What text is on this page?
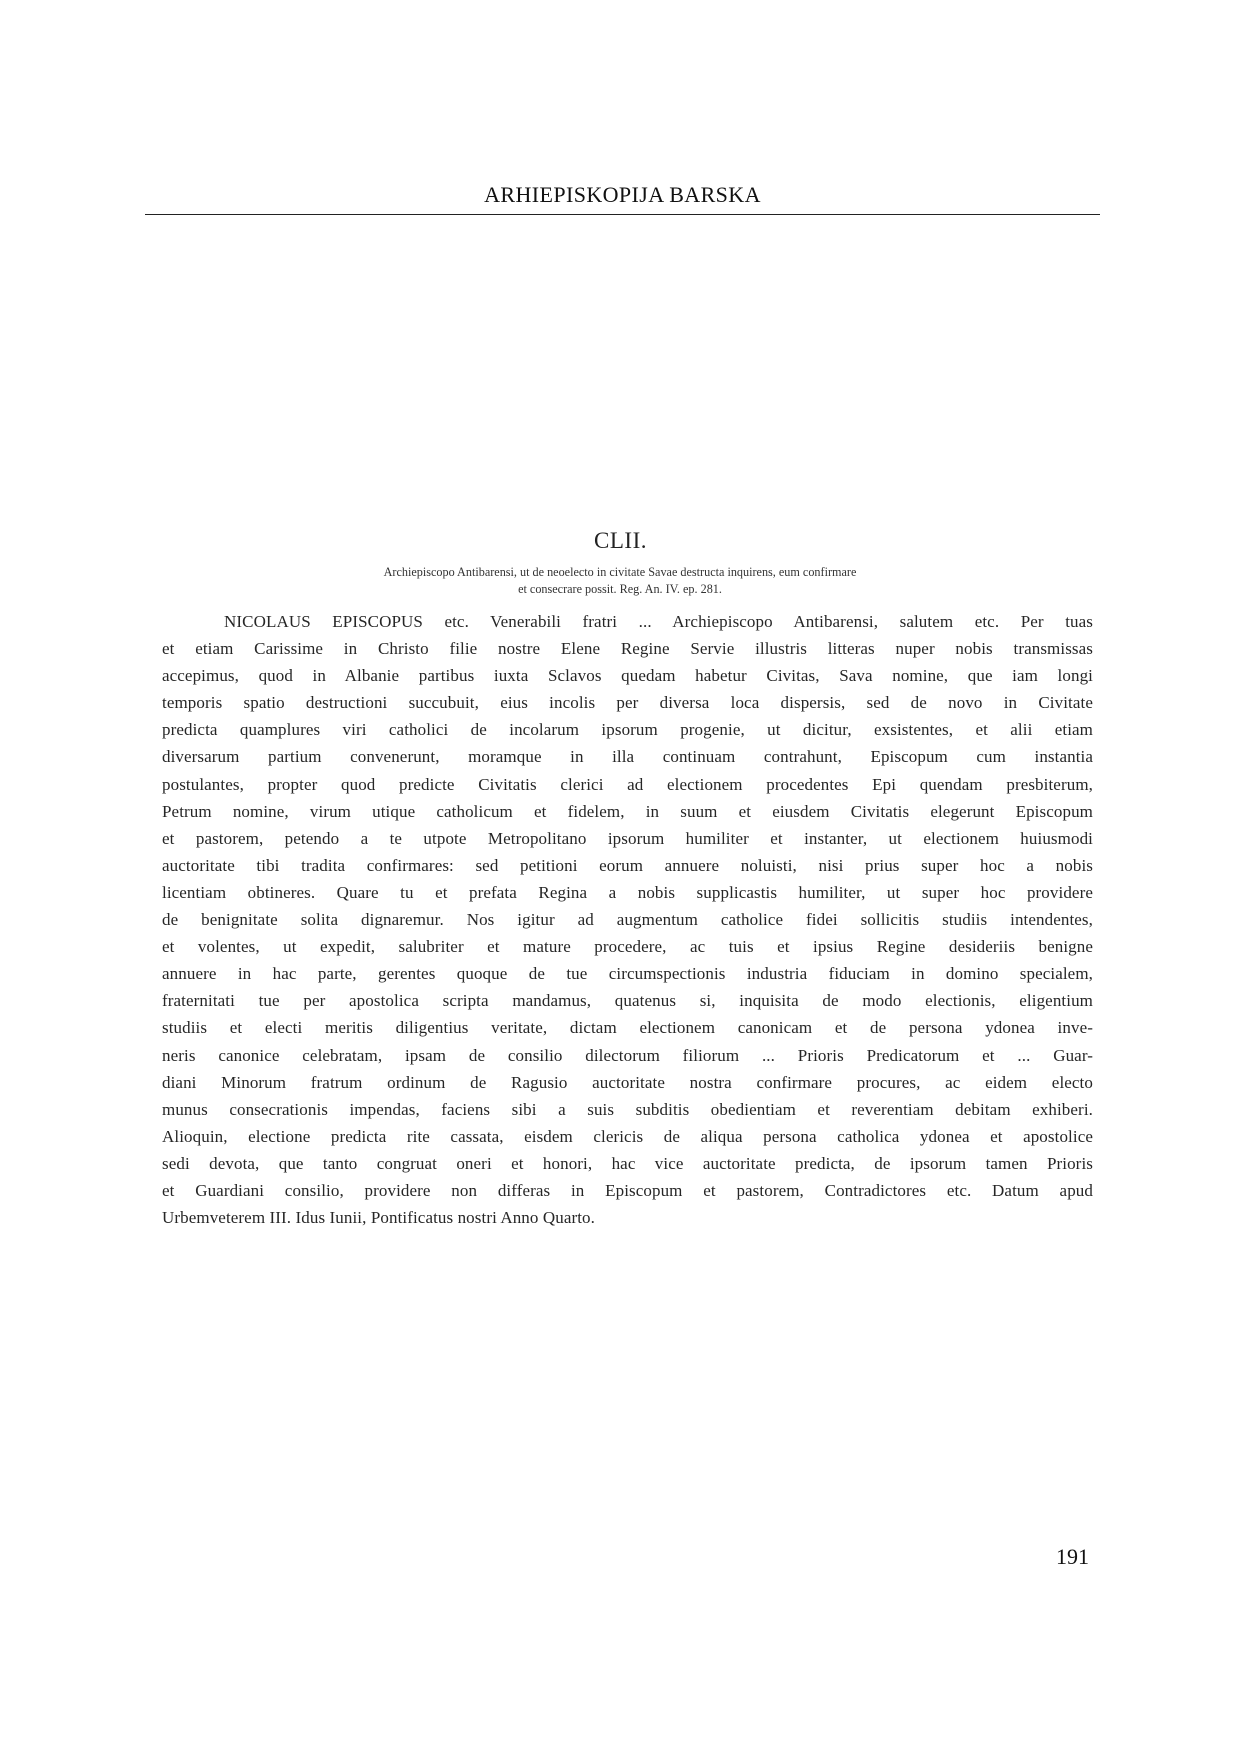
ARHIEPISKOPIJA BARSKA
CLII.
Archiepiscopo Antibarensi, ut de neoelecto in civitate Savae destructa inquirens, eum confirmare
et consecrare possit. Reg. An. IV. ep. 281.
NICOLAUS EPISCOPUS etc. Venerabili fratri ... Archiepiscopo Antibarensi, salutem etc. Per tuas
et etiam Carissime in Christo filie nostre Elene Regine Servie illustris litteras nuper nobis transmissas
accepimus, quod in Albanie partibus iuxta Sclavos quedam habetur Civitas, Sava nomine, que iam longi
temporis spatio destructioni succubuit, eius incolis per diversa loca dispersis, sed de novo in Civitate
predicta quamplures viri catholici de incolarum ipsorum progenie, ut dicitur, exsistentes, et alii etiam
diversarum partium convenerunt, moramque in illa continuam contrahunt, Episcopum cum instantia
postulantes, propter quod predicte Civitatis clerici ad electionem procedentes Epi quendam presbiterum,
Petrum nomine, virum utique catholicum et fidelem, in suum et eiusdem Civitatis elegerunt Episcopum
et pastorem, petendo a te utpote Metropolitano ipsorum humiliter et instanter, ut electionem huiusmodi
auctoritate tibi tradita confirmares: sed petitioni eorum annuere noluisti, nisi prius super hoc a nobis
licentiam obtineres. Quare tu et prefata Regina a nobis supplicastis humiliter, ut super hoc providere
de benignitate solita dignaremur. Nos igitur ad augmentum catholice fidei sollicitis studiis intendentes,
et volentes, ut expedit, salubriter et mature procedere, ac tuis et ipsius Regine desideriis benigne
annuere in hac parte, gerentes quoque de tue circumspectionis industria fiduciam in domino specialem,
fraternitati tue per apostolica scripta mandamus, quatenus si, inquisita de modo electionis, eligentium
studiis et electi meritis diligentius veritate, dictam electionem canonicam et de persona ydonea inve-
neris canonice celebratam, ipsam de consilio dilectorum filiorum ... Prioris Predicatorum et ... Guar-
diani Minorum fratrum ordinum de Ragusio auctoritate nostra confirmare procures, ac eidem electo
munus consecrationis impendas, faciens sibi a suis subditis obedientiam et reverentiam debitam exhiberi.
Alioquin, electione predicta rite cassata, eisdem clericis de aliqua persona catholica ydonea et apostolice
sedi devota, que tanto congruat oneri et honori, hac vice auctoritate predicta, de ipsorum tamen Prioris
et Guardiani consilio, providere non differas in Episcopum et pastorem, Contradictores etc. Datum apud
Urbemveterem III. Idus Iunii, Pontificatus nostri Anno Quarto.
191
